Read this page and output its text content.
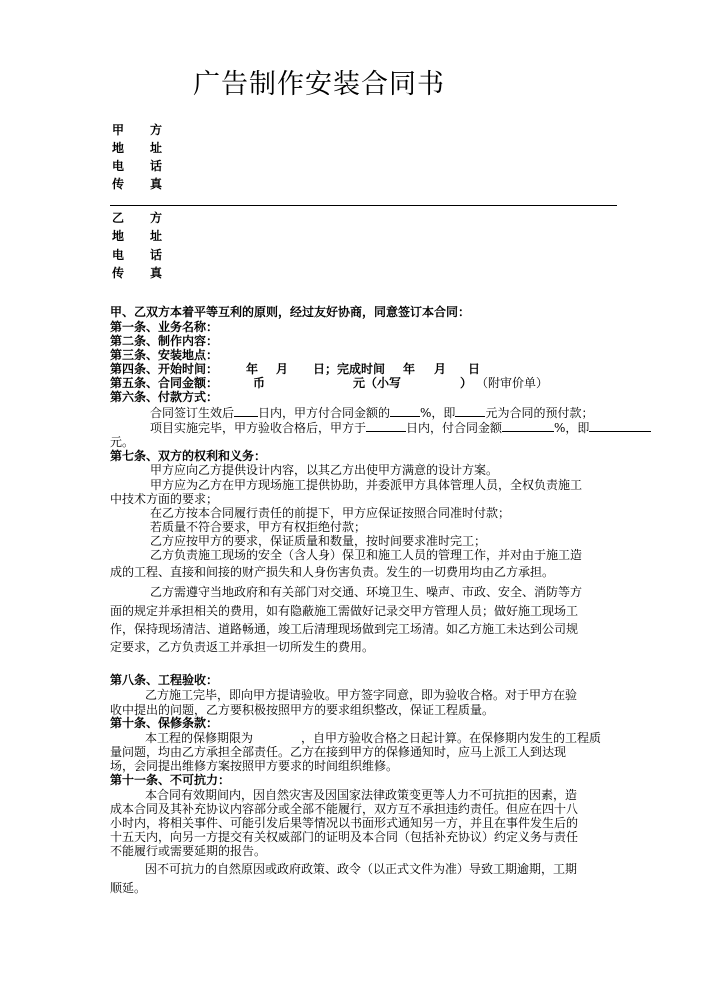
广告制作安装合同书
甲 方
地 址
电 话
传 真
乙 方
地 址
电 话
传 真
甲、乙双方本着平等互利的原则，经过友好协商，同意签订本合同：
第一条、业务名称：
第二条、制作内容：
第三条、安装地点：
第四条、开始时间： 年 月 日；完成时间 年 月 日
第五条、合同金额：	币	元（小写	） （附审价单）
第六条、付款方式：
合同签订生效后 日内，甲方付合同金额的	%，即	元为合同的预付款；
项目实施完毕，甲方验收合格后，甲方于	日内，付合同金额	%，即
元。
第七条、双方的权利和义务：
甲方应向乙方提供设计内容，以其乙方出使甲方满意的设计方案。
甲方应为乙方在甲方现场施工提供协助，并委派甲方具体管理人员，全权负责施工
中技术方面的要求；
在乙方按本合同履行责任的前提下，甲方应保证按照合同准时付款；
若质量不符合要求，甲方有权拒绝付款；
乙方应按甲方的要求，保证质量和数量，按时间要求准时完工；
乙方负责施工现场的安全（含人身）保卫和施工人员的管理工作，并对由于施工造
成的工程、直接和间接的财产损失和人身伤害负责。发生的一切费用均由乙方承担。
乙方需遵守当地政府和有关部门对交通、环境卫生、噪声、市政、安全、消防等方
面的规定并承担相关的费用，如有隐蔽施工需做好记录交甲方管理人员；做好施工现场工
作，保持现场清洁、道路畅通，竣工后清理现场做到完工场清。如乙方施工未达到公司规
定要求，乙方负责返工并承担一切所发生的费用。
第八条、工程验收：
乙方施工完毕，即向甲方提请验收。甲方签字同意，即为验收合格。对于甲方在验
收中提出的问题，乙方要积极按照甲方的要求组织整改，保证工程质量。
第十条、保修条款：
本工程的保修期限为	，自甲方验收合格之日起计算。在保修期内发生的工程质
量问题，均由乙方承担全部责任。乙方在接到甲方的保修通知时，应马上派工人到达现
场，会同提出维修方案按照甲方要求的时间组织维修。
第十一条、不可抗力：
本合同有效期间内，因自然灾害及因国家法律政策变更等人力不可抗拒的因素，造
成本合同及其补充协议内容部分或全部不能履行，双方互不承担违约责任。但应在四十八
小时内，将相关事件、可能引发后果等情况以书面形式通知另一方，并且在事件发生后的
十五天内，向另一方提交有关权威部门的证明及本合同（包括补充协议）约定义务与责任
不能履行或需要延期的报告。
因不可抗力的自然原因或政府政策、政令（以正式文件为准）导致工期逾期，工期
顺延。
